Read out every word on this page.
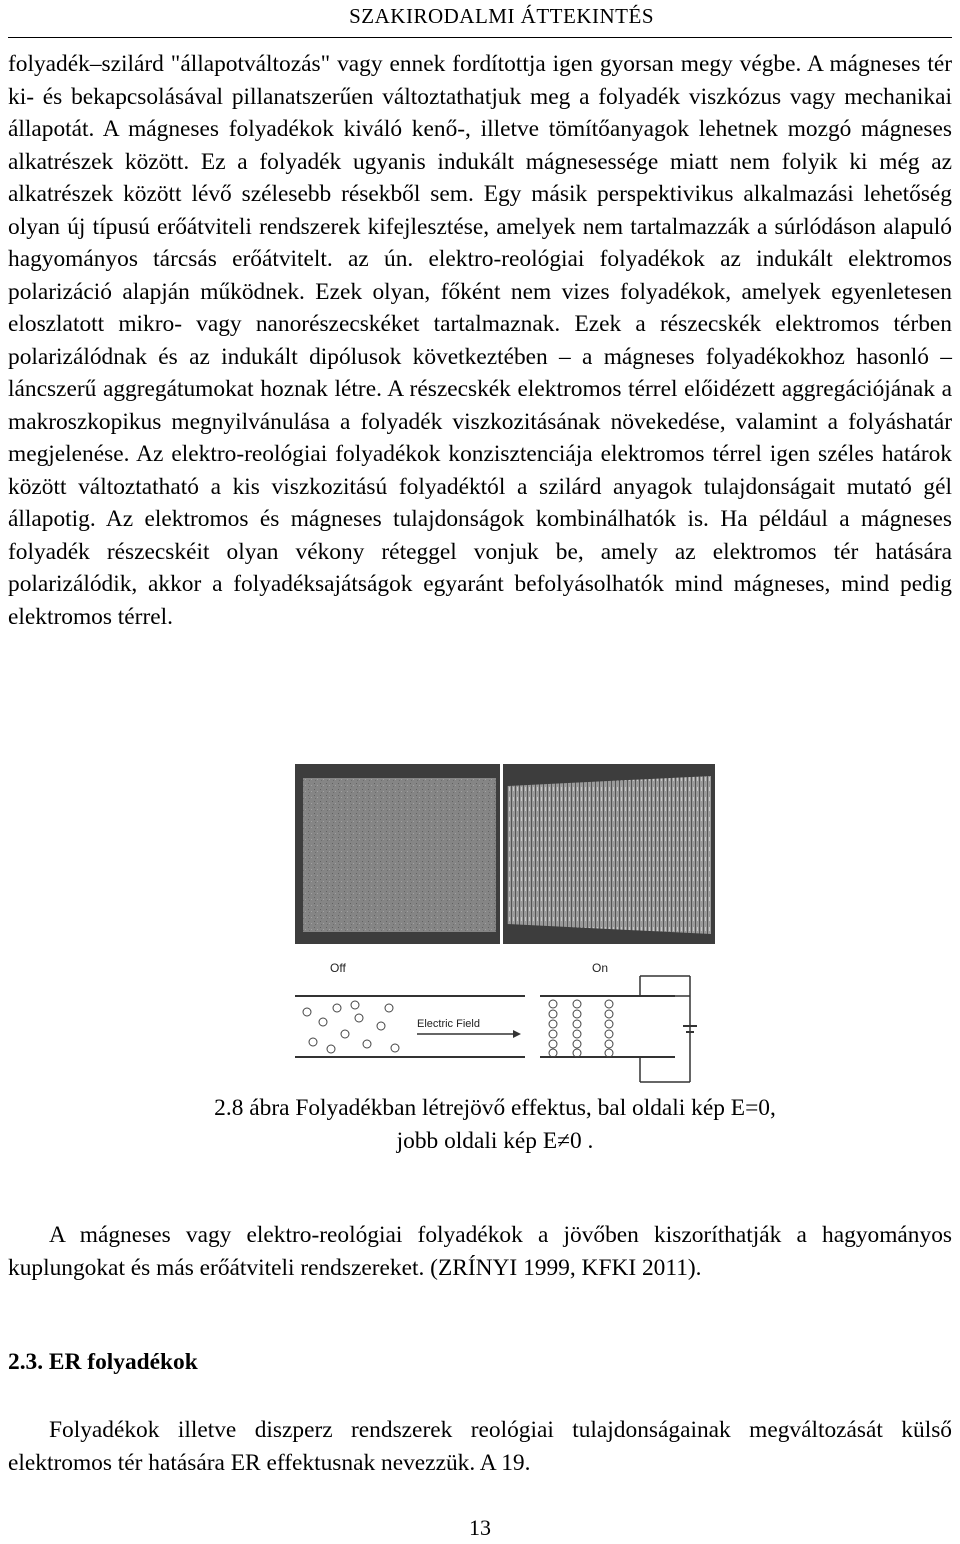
SZAKIRODALMI ÁTTEKINTÉS

folyadék–szilárd "állapotváltozás" vagy ennek fordítottja igen gyorsan megy végbe. A mágneses tér ki- és bekapcsolásával pillanatszerűen változtathatjuk meg a folyadék viszkózus vagy mechanikai állapotát. A mágneses folyadékok kiváló kenő-, illetve tömítőanyagok lehetnek mozgó mágneses alkatrészek között. Ez a folyadék ugyanis indukált mágnesessége miatt nem folyik ki még az alkatrészek között lévő szélesebb résekből sem. Egy másik perspektivikus alkalmazási lehetőség olyan új típusú erőátviteli rendszerek kifejlesztése, amelyek nem tartalmazzák a súrlódáson alapuló hagyományos tárcsás erőátvitelt. az ún. elektro-reológiai folyadékok az indukált elektromos polarizáció alapján működnek. Ezek olyan, főként nem vizes folyadékok, amelyek egyenletesen eloszlatott mikro- vagy nanorészecskéket tartalmaznak. Ezek a részecskék elektromos térben polarizálódnak és az indukált dipólusok következtében – a mágneses folyadékokhoz hasonló – láncszerű aggregátumokat hoznak létre. A részecskék elektromos térrel előidézett aggregációjának a makroszkopikus megnyilvánulása a folyadék viszkozitásának növekedése, valamint a folyáshatár megjelenése. Az elektro-reológiai folyadékok konzisztenciája elektromos térrel igen széles határok között változtatható a kis viszkozitású folyadéktól a szilárd anyagok tulajdonságait mutató gél állapotig. Az elektromos és mágneses tulajdonságok kombinálhatók is. Ha például a mágneses folyadék részecskéit olyan vékony réteggel vonjuk be, amely az elektromos tér hatására polarizálódik, akkor a folyadéksajátságok egyaránt befolyásolhatók mind mágneses, mind pedig elektromos térrel.

Off	On
Electric Field
2.8 ábra Folyadékban létrejövő effektus, bal oldali kép E=0,
jobb oldali kép E≠0 .
A mágneses vagy elektro-reológiai folyadékok a jövőben kiszoríthatják a hagyományos kuplungokat és más erőátviteli rendszereket. (ZRÍNYI 1999, KFKI 2011).
2.3. ER folyadékok
Folyadékok illetve diszperz rendszerek reológiai tulajdonságainak megváltozását külső elektromos tér hatására ER effektusnak nevezzük. A 19.
13
